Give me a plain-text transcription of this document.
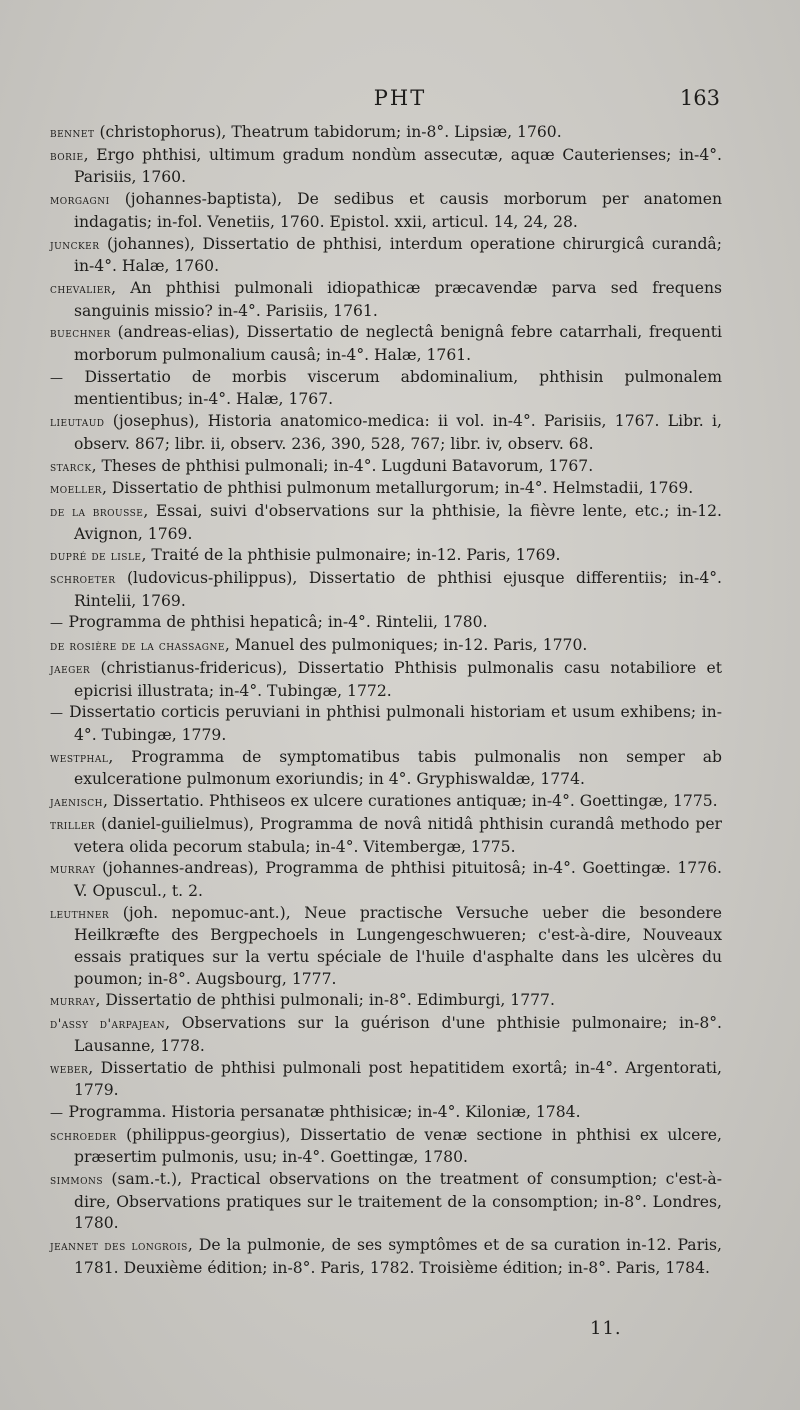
PHT	163

bennet (christophorus), Theatrum tabidorum; in-8°. Lipsiæ, 1760.

borie, Ergo phthisi, ultimum gradum nondùm assecutæ, aquæ Cauterienses; in-4°. Parisiis, 1760.

morgagni (johannes-baptista), De sedibus et causis morborum per anatomen indagatis; in-fol. Venetiis, 1760. Epistol. xxii, articul. 14, 24, 28.

juncker (johannes), Dissertatio de phthisi, interdum operatione chirurgicâ curandâ; in-4°. Halæ, 1760.

chevalier, An phthisi pulmonali idiopathicæ præcavendæ parva sed frequens sanguinis missio? in-4°. Parisiis, 1761.

buechner (andreas-elias), Dissertatio de neglectâ benignâ febre catarrhali, frequenti morborum pulmonalium causâ; in-4°. Halæ, 1761.

— Dissertatio de morbis viscerum abdominalium, phthisin pulmonalem mentientibus; in-4°. Halæ, 1767.

lieutaud (josephus), Historia anatomico-medica: ii vol. in-4°. Parisiis, 1767. Libr. i, observ. 867; libr. ii, observ. 236, 390, 528, 767; libr. iv, observ. 68.

starck, Theses de phthisi pulmonali; in-4°. Lugduni Batavorum, 1767.

moeller, Dissertatio de phthisi pulmonum metallurgorum; in-4°. Helmstadii, 1769.

de la brousse, Essai, suivi d'observations sur la phthisie, la fièvre lente, etc.; in-12. Avignon, 1769.

dupré de lisle, Traité de la phthisie pulmonaire; in-12. Paris, 1769.

schroeter (ludovicus-philippus), Dissertatio de phthisi ejusque differentiis; in-4°. Rintelii, 1769.

— Programma de phthisi hepaticâ; in-4°. Rintelii, 1780.

de rosière de la chassagne, Manuel des pulmoniques; in-12. Paris, 1770.

jaeger (christianus-fridericus), Dissertatio Phthisis pulmonalis casu notabiliore et epicrisi illustrata; in-4°. Tubingæ, 1772.

— Dissertatio corticis peruviani in phthisi pulmonali historiam et usum exhibens; in-4°. Tubingæ, 1779.

westphal, Programma de symptomatibus tabis pulmonalis non semper ab exulceratione pulmonum exoriundis; in 4°. Gryphiswaldæ, 1774.

jaenisch, Dissertatio. Phthiseos ex ulcere curationes antiquæ; in-4°. Goettingæ, 1775.

triller (daniel-guilielmus), Programma de novâ nitidâ phthisin curandâ methodo per vetera olida pecorum stabula; in-4°. Vitembergæ, 1775.

murray (johannes-andreas), Programma de phthisi pituitosâ; in-4°. Goettingæ. 1776. V. Opuscul., t. 2.

leuthner (joh. nepomuc-ant.), Neue practische Versuche ueber die besondere Heilkræfte des Bergpechoels in Lungengeschwueren; c'est-à-dire, Nouveaux essais pratiques sur la vertu spéciale de l'huile d'asphalte dans les ulcères du poumon; in-8°. Augsbourg, 1777.

murray, Dissertatio de phthisi pulmonali; in-8°. Edimburgi, 1777.

d'assy d'arpajean, Observations sur la guérison d'une phthisie pulmonaire; in-8°. Lausanne, 1778.

weber, Dissertatio de phthisi pulmonali post hepatitidem exortâ; in-4°. Argentorati, 1779.

— Programma. Historia persanatæ phthisicæ; in-4°. Kiloniæ, 1784.

schroeder (philippus-georgius), Dissertatio de venæ sectione in phthisi ex ulcere, præsertim pulmonis, usu; in-4°. Goettingæ, 1780.

simmons (sam.-t.), Practical observations on the treatment of consumption; c'est-à-dire, Observations pratiques sur le traitement de la consomption; in-8°. Londres, 1780.

jeannet des longrois, De la pulmonie, de ses symptômes et de sa curation in-12. Paris, 1781. Deuxième édition; in-8°. Paris, 1782. Troisième édition; in-8°. Paris, 1784.

11.
